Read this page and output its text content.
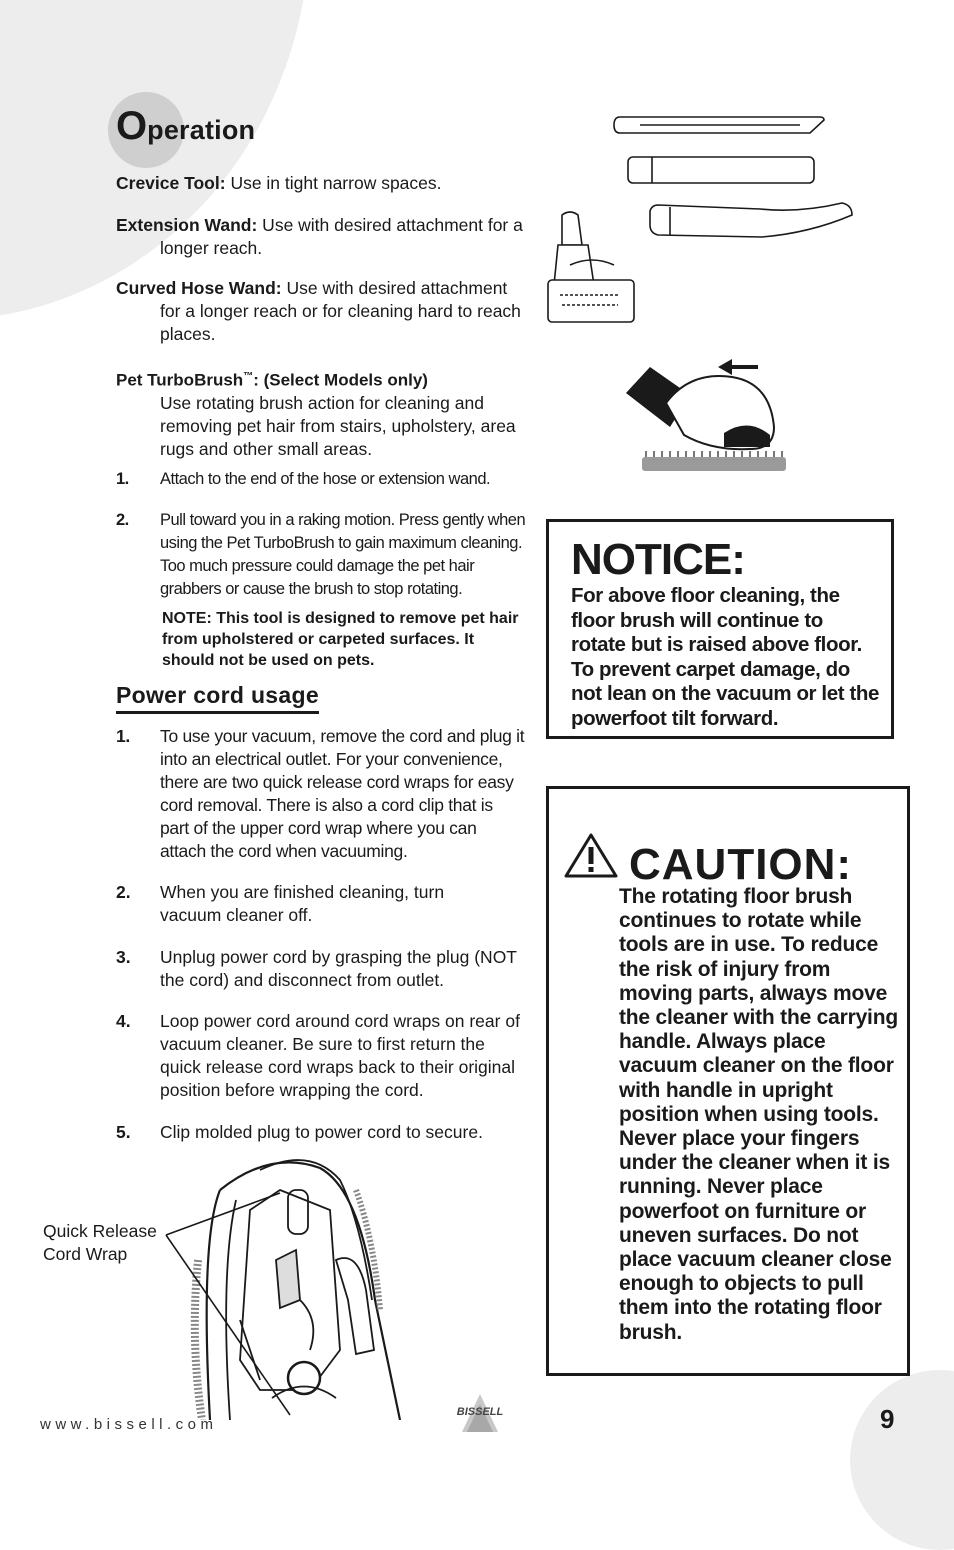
Operation

Crevice Tool: Use in tight narrow spaces.

Extension Wand: Use with desired attachment for a longer reach.

Curved Hose Wand: Use with desired attachment for a longer reach or for cleaning hard to reach places.

Pet TurboBrush™: (Select Models only)

Use rotating brush action for cleaning and removing pet hair from stairs, upholstery, area rugs and other small areas.

1.	Attach to the end of the hose or extension wand.
2.	Pull toward you in a raking motion. Press gently when using the Pet TurboBrush to gain maximum cleaning. Too much pressure could damage the pet hair grabbers or cause the brush to stop rotating.

NOTE: This tool is designed to remove pet hair from upholstered or carpeted surfaces. It should not be used on pets.

Power cord usage
1.	To use your vacuum, remove the cord and plug it into an electrical outlet. For your convenience, there are two quick release cord wraps for easy cord removal. There is also a cord clip that is part of the upper cord wrap where you can attach the cord when vacuuming.
2.	When you are finished cleaning, turn vacuum cleaner off.
3.	Unplug power cord by grasping the plug (NOT the cord) and disconnect from outlet.
4.	Loop power cord around cord wraps on rear of vacuum cleaner. Be sure to first return the quick release cord wraps back to their original position before wrapping the cord.
5.	Clip molded plug to power cord to secure.
NOTICE:
For above floor cleaning, the floor brush will continue to rotate but is raised above floor. To prevent carpet damage, do not lean on the vacuum or let the powerfoot tilt forward.
CAUTION:
The rotating floor brush continues to rotate while tools are in use. To reduce the risk of injury from moving parts, always move the cleaner with the carrying handle. Always place vacuum cleaner on the floor with handle in upright position when using tools. Never place your fingers under the cleaner when it is running. Never place powerfoot on furniture or uneven surfaces. Do not place vacuum cleaner close enough to objects to pull them into the rotating floor brush.
Quick Release
Cord Wrap
www.bissell.com
BISSELL	9
